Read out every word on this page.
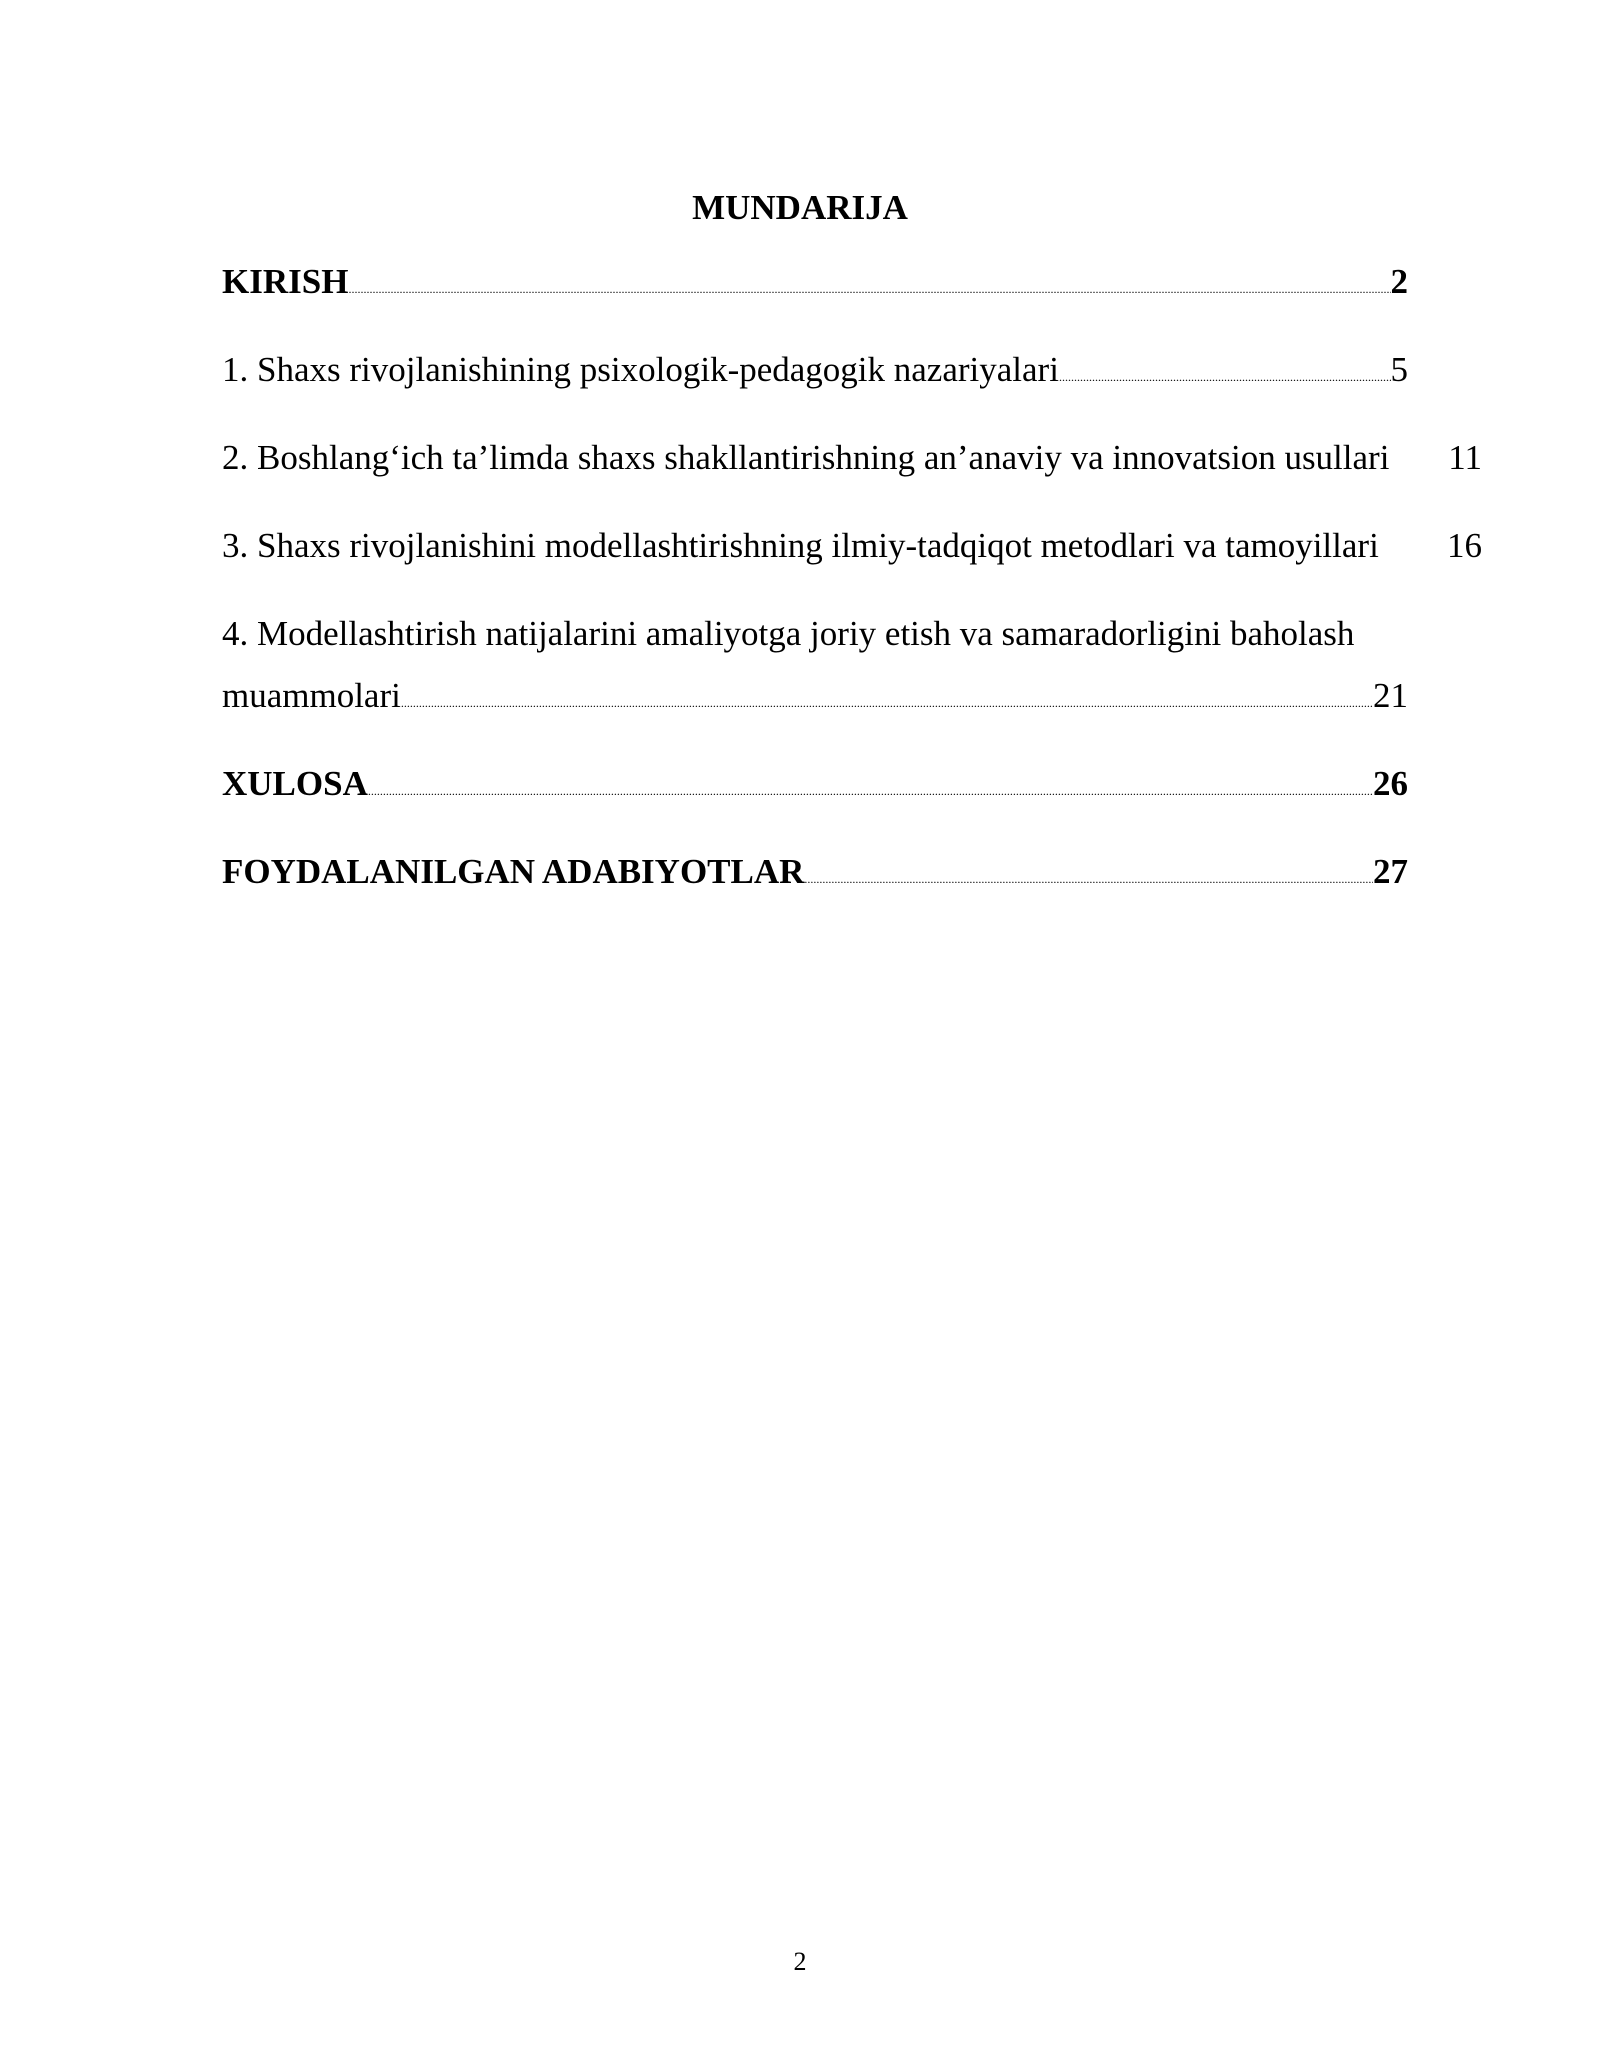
MUNDARIJA
KIRISH .....	2
1. Shaxs rivojlanishining psixologik-pedagogik nazariyalari .....	5
2. Boshlang‘ich ta’limda shaxs shakllantirishning an’anaviy va innovatsion usullari 11
3. Shaxs rivojlanishini modellashtirishning ilmiy-tadqiqot metodlari va tamoyillari 16
4. Modellashtirish natijalarini amaliyotga joriy etish va samaradorligini baholash
muammolari .....	21
XULOSA .....	26
FOYDALANILGAN ADABIYOTLAR .....	27
2
